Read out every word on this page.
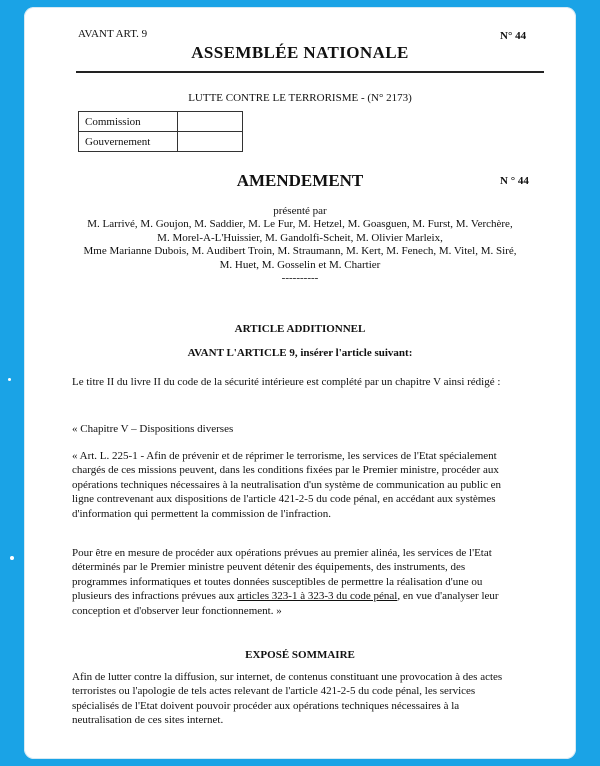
AVANT ART. 9	N° 44
ASSEMBLÉE NATIONALE
LUTTE CONTRE LE TERRORISME - (N° 2173)
Commission	
Gouvernement	
AMENDEMENT	N ° 44
présenté par
M. Larrivé, M. Goujon, M. Saddier, M. Le Fur, M. Hetzel, M. Goasguen, M. Furst, M. Verchère,
M. Morel-A-L'Huissier, M. Gandolfi-Scheit, M. Olivier Marleix,
Mme Marianne Dubois, M. Audibert Troin, M. Straumann, M. Kert, M. Fenech, M. Vitel, M. Siré,
M. Huet, M. Gosselin et M. Chartier
----------
ARTICLE ADDITIONNEL
AVANT L'ARTICLE 9, insérer l'article suivant:
Le titre II du livre II du code de la sécurité intérieure est complété par un chapitre V ainsi rédigé :
« Chapitre V – Dispositions diverses
« Art. L. 225-1 - Afin de prévenir et de réprimer le terrorisme, les services de l'Etat spécialement
chargés de ces missions peuvent, dans les conditions fixées par le Premier ministre, procéder aux
opérations techniques nécessaires à la neutralisation d'un système de communication au public en
ligne contrevenant aux dispositions de l'article 421-2-5 du code pénal, en accédant aux systèmes
d'information qui permettent la commission de l'infraction.
Pour être en mesure de procéder aux opérations prévues au premier alinéa, les services de l'Etat
déterminés par le Premier ministre peuvent détenir des équipements, des instruments, des
programmes informatiques et toutes données susceptibles de permettre la réalisation d'une ou
plusieurs des infractions prévues aux articles 323-1 à 323-3 du code pénal, en vue d'analyser leur
conception et d'observer leur fonctionnement. »
EXPOSÉ SOMMAIRE
Afin de lutter contre la diffusion, sur internet, de contenus constituant une provocation à des actes
terroristes ou l'apologie de tels actes relevant de l'article 421-2-5 du code pénal, les services
spécialisés de l'Etat doivent pouvoir procéder aux opérations techniques nécessaires à la
neutralisation de ces sites internet.
